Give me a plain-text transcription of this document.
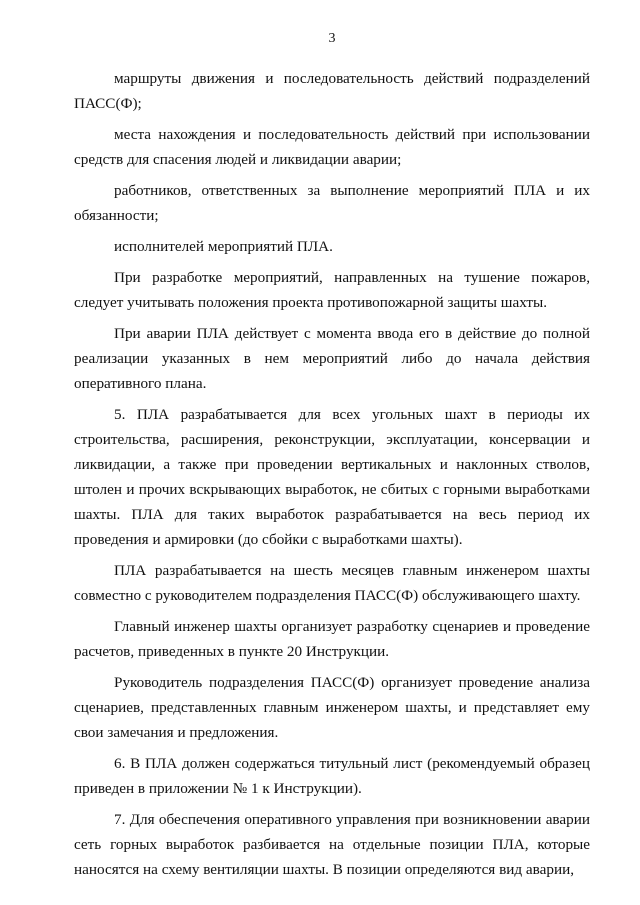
3

маршруты движения и последовательность действий подразделений ПАСС(Ф);

места нахождения и последовательность действий при использовании средств для спасения людей и ликвидации аварии;

работников, ответственных за выполнение мероприятий ПЛА и их обязанности;

исполнителей мероприятий ПЛА.

При разработке мероприятий, направленных на тушение пожаров, следует учитывать положения проекта противопожарной защиты шахты.

При аварии ПЛА действует с момента ввода его в действие до полной реализации указанных в нем мероприятий либо до начала действия оперативного плана.

5. ПЛА разрабатывается для всех угольных шахт в периоды их строительства, расширения, реконструкции, эксплуатации, консервации и ликвидации, а также при проведении вертикальных и наклонных стволов, штолен и прочих вскрывающих выработок, не сбитых с горными выработками шахты. ПЛА для таких выработок разрабатывается на весь период их проведения и армировки (до сбойки с выработками шахты).

ПЛА разрабатывается на шесть месяцев главным инженером шахты совместно с руководителем подразделения ПАСС(Ф) обслуживающего шахту.

Главный инженер шахты организует разработку сценариев и проведение расчетов, приведенных в пункте 20 Инструкции.

Руководитель подразделения ПАСС(Ф) организует проведение анализа сценариев, представленных главным инженером шахты, и представляет ему свои замечания и предложения.

6. В ПЛА должен содержаться титульный лист (рекомендуемый образец приведен в приложении № 1 к Инструкции).

7. Для обеспечения оперативного управления при возникновении аварии сеть горных выработок разбивается на отдельные позиции ПЛА, которые наносятся на схему вентиляции шахты. В позиции определяются вид аварии,
